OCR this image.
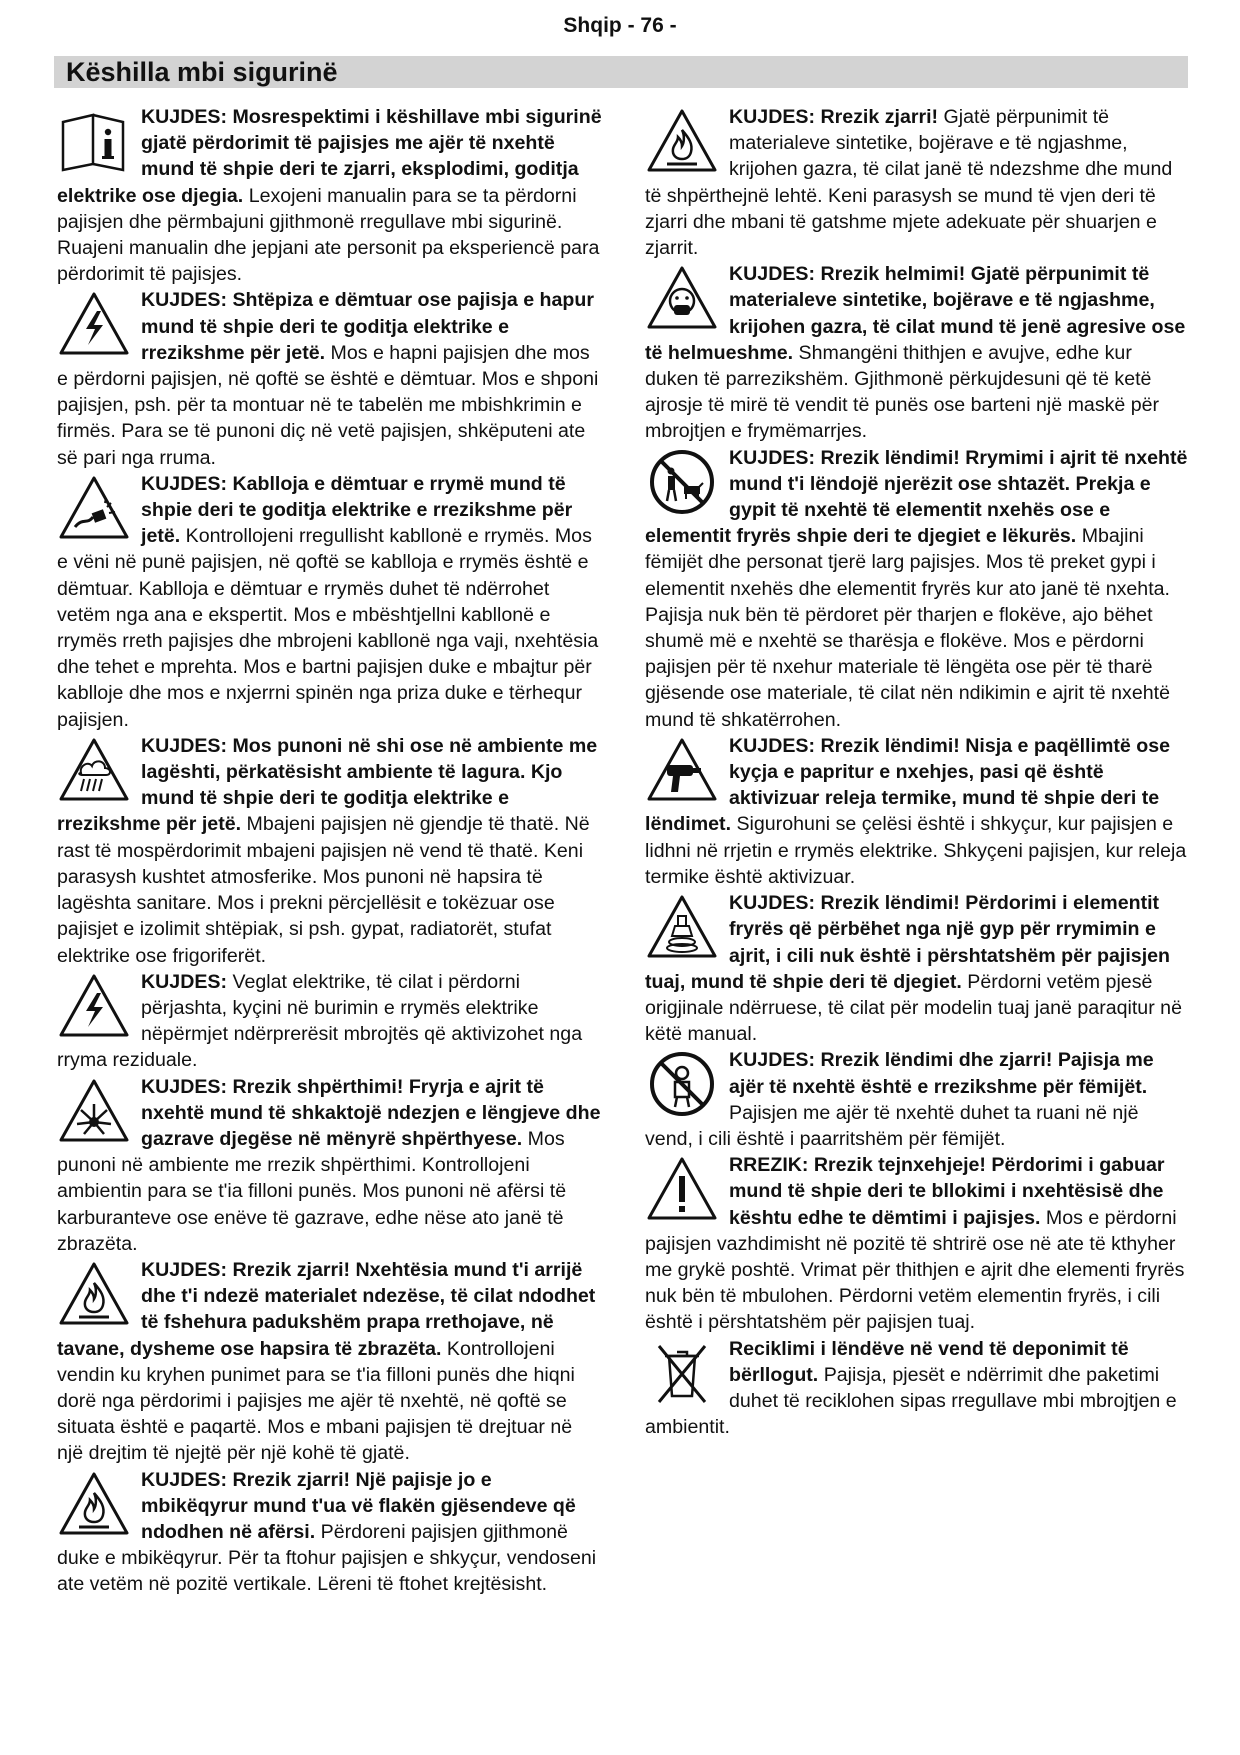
Shqip - 76 -
Këshilla mbi sigurinë
KUJDES: Mosrespektimi i këshillave mbi sigurinë gjatë përdorimit të pajisjes me ajër të nxehtë mund të shpie deri te zjarri, eksplodimi, goditja elektrike ose djegia. Lexojeni manualin para se ta përdorni pajisjen dhe përmbajuni gjithmonë rregullave mbi sigurinë. Ruajeni manualin dhe jepjani ate personit pa eksperiencë para përdorimit të pajisjes.
KUJDES: Shtëpiza e dëmtuar ose pajisja e hapur mund të shpie deri te goditja elektrike e rrezikshme për jetë. Mos e hapni pajisjen dhe mos e përdorni pajisjen, në qoftë se është e dëmtuar. Mos e shponi pajisjen, psh. për ta montuar në te tabelën me mbishkrimin e firmës. Para se të punoni diç në vetë pajisjen, shkëputeni ate së pari nga rruma.
KUJDES: Kablloja e dëmtuar e rrymë mund të shpie deri te goditja elektrike e rrezikshme për jetë. Kontrollojeni rregullisht kabllonë e rrymës. Mos e vëni në punë pajisjen, në qoftë se kablloja e rrymës është e dëmtuar. Kablloja e dëmtuar e rrymës duhet të ndërrohet vetëm nga ana e ekspertit. Mos e mbështjellni kabllonë e rrymës rreth pajisjes dhe mbrojeni kabllonë nga vaji, nxehtësia dhe tehet e mprehta. Mos e bartni pajisjen duke e mbajtur për kablloje dhe mos e nxjerrni spinën nga priza duke e tërhequr pajisjen.
KUJDES: Mos punoni në shi ose në ambiente me lagështi, përkatësisht ambiente të lagura. Kjo mund të shpie deri te goditja elektrike e rrezikshme për jetë. Mbajeni pajisjen në gjendje të thatë. Në rast të mospërdorimit mbajeni pajisjen në vend të thatë. Keni parasysh kushtet atmosferike. Mos punoni në hapsira të lagështa sanitare. Mos i prekni përcjellësit e tokëzuar ose pajisjet e izolimit shtëpiak, si psh. gypat, radiatorët, stufat elektrike ose frigoriferët.
KUJDES: Veglat elektrike, të cilat i përdorni përjashta, kyçini në burimin e rrymës elektrike nëpërmjet ndërprerësit mbrojtës që aktivizohet nga rryma reziduale.
KUJDES: Rrezik shpërthimi! Fryrja e ajrit të nxehtë mund të shkaktojë ndezjen e lëngjeve dhe gazrave djegëse në mënyrë shpërthyese. Mos punoni në ambiente me rrezik shpërthimi. Kontrollojeni ambientin para se t'ia filloni punës. Mos punoni në afërsi të karburanteve ose enëve të gazrave, edhe nëse ato janë të zbrazëta.
KUJDES: Rrezik zjarri! Nxehtësia mund t'i arrijë dhe t'i ndezë materialet ndezëse, të cilat ndodhet të fshehura padukshëm prapa rrethojave, në tavane, dysheme ose hapsira të zbrazëta. Kontrollojeni vendin ku kryhen punimet para se t'ia filloni punës dhe hiqni dorë nga përdorimi i pajisjes me ajër të nxehtë, në qoftë se situata është e paqartë. Mos e mbani pajisjen të drejtuar në një drejtim të njejtë për një kohë të gjatë.
KUJDES: Rrezik zjarri! Një pajisje jo e mbikëqyrur mund t'ua vë flakën gjësendeve që ndodhen në afërsi. Përdoreni pajisjen gjithmonë duke e mbikëqyrur. Për ta ftohur pajisjen e shkyçur, vendoseni ate vetëm në pozitë vertikale. Lëreni të ftohet krejtësisht.
KUJDES: Rrezik zjarri! Gjatë përpunimit të materialeve sintetike, bojërave e të ngjashme, krijohen gazra, të cilat janë të ndezshme dhe mund të shpërthejnë lehtë. Keni parasysh se mund të vjen deri të zjarri dhe mbani të gatshme mjete adekuate për shuarjen e zjarrit.
KUJDES: Rrezik helmimi! Gjatë përpunimit të materialeve sintetike, bojërave e të ngjashme, krijohen gazra, të cilat mund të jenë agresive ose të helmueshme. Shmangëni thithjen e avujve, edhe kur duken të parrezikshëm. Gjithmonë përkujdesuni që të ketë ajrosje të mirë të vendit të punës ose barteni një maskë për mbrojtjen e frymëmarrjes.
KUJDES: Rrezik lëndimi! Rrymimi i ajrit të nxehtë mund t'i lëndojë njerëzit ose shtazët. Prekja e gypit të nxehtë të elementit nxehës ose e elementit fryrës shpie deri te djegiet e lëkurës. Mbajini fëmijët dhe personat tjerë larg pajisjes. Mos të preket gypi i elementit nxehës dhe elementit fryrës kur ato janë të nxehta. Pajisja nuk bën të përdoret për tharjen e flokëve, ajo bëhet shumë më e nxehtë se tharësja e flokëve. Mos e përdorni pajisjen për të nxehur materiale të lëngëta ose për të tharë gjësende ose materiale, të cilat nën ndikimin e ajrit të nxehtë mund të shkatërrohen.
KUJDES: Rrezik lëndimi! Nisja e paqëllimtë ose kyçja e papritur e nxehjes, pasi që është aktivizuar releja termike, mund të shpie deri te lëndimet. Sigurohuni se çelësi është i shkyçur, kur pajisjen e lidhni në rrjetin e rrymës elektrike. Shkyçeni pajisjen, kur releja termike është aktivizuar.
KUJDES: Rrezik lëndimi! Përdorimi i elementit fryrës që përbëhet nga një gyp për rrymimin e ajrit, i cili nuk është i përshtatshëm për pajisjen tuaj, mund të shpie deri të djegiet. Përdorni vetëm pjesë origjinale ndërruese, të cilat për modelin tuaj janë paraqitur në këtë manual.
KUJDES: Rrezik lëndimi dhe zjarri! Pajisja me ajër të nxehtë është e rrezikshme për fëmijët. Pajisjen me ajër të nxehtë duhet ta ruani në një vend, i cili është i paarritshëm për fëmijët.
RREZIK: Rrezik tejnxehjeje! Përdorimi i gabuar mund të shpie deri te bllokimi i nxehtësisë dhe kështu edhe te dëmtimi i pajisjes. Mos e përdorni pajisjen vazhdimisht në pozitë të shtrirë ose në ate të kthyher me grykë poshtë. Vrimat për thithjen e ajrit dhe elementi fryrës nuk bën të mbulohen. Përdorni vetëm elementin fryrës, i cili është i përshtatshëm për pajisjen tuaj.
Reciklimi i lëndëve në vend të deponimit të bërllogut. Pajisja, pjesët e ndërrimit dhe paketimi duhet të reciklohen sipas rregullave mbi mbrojtjen e ambientit.
